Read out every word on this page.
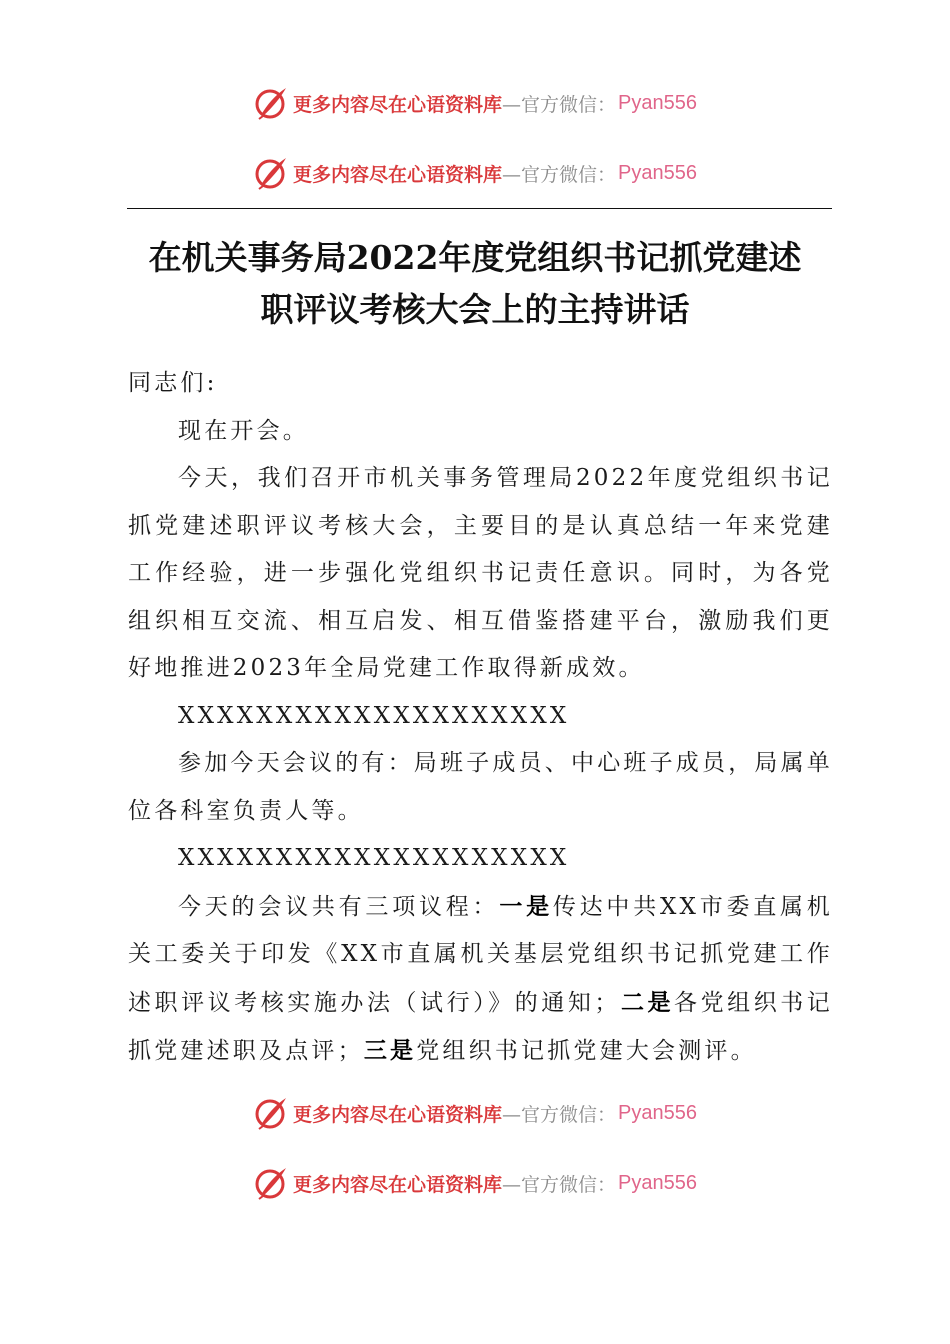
更多内容尽在心语资料库 —官方微信： Pyan556
更多内容尽在心语资料库 —官方微信： Pyan556
在机关事务局2022年度党组织书记抓党建述
职评议考核大会上的主持讲话

同志们:

现在开会。

今天，我们召开市机关事务管理局2022年度党组织书记抓党建述职评议考核大会，主要目的是认真总结一年来党建工作经验，进一步强化党组织书记责任意识。同时，为各党组织相互交流、相互启发、相互借鉴搭建平台，激励我们更好地推进2023年全局党建工作取得新成效。

XXXXXXXXXXXXXXXXXXXX

参加今天会议的有：局班子成员、中心班子成员，局属单位各科室负责人等。

XXXXXXXXXXXXXXXXXXXX

今天的会议共有三项议程：一是传达中共XX市委直属机关工委关于印发《XX市直属机关基层党组织书记抓党建工作述职评议考核实施办法（试行）》的通知；二是各党组织书记抓党建述职及点评；三是党组织书记抓党建大会测评。

更多内容尽在心语资料库 —官方微信： Pyan556
更多内容尽在心语资料库 —官方微信： Pyan556
